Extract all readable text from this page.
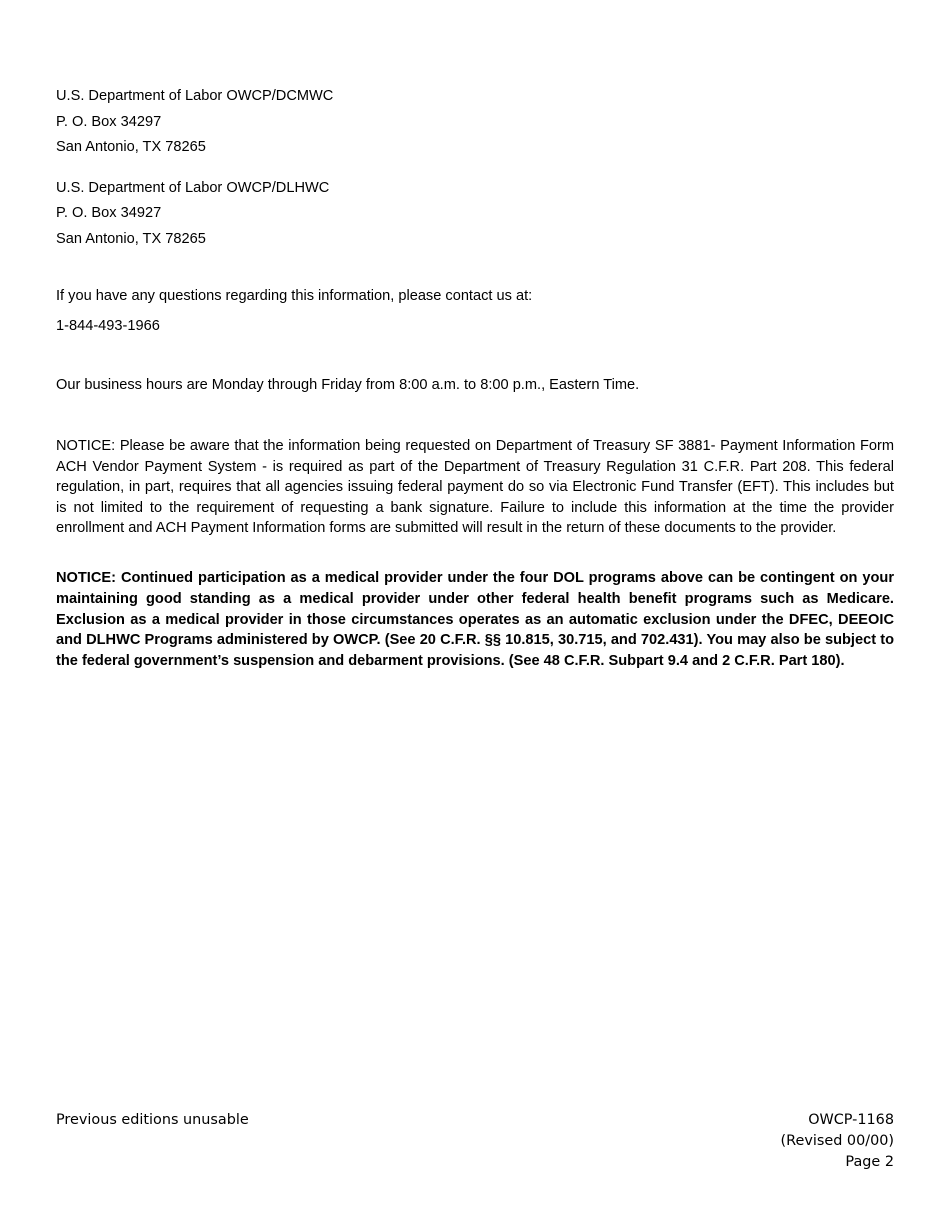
U.S. Department of Labor OWCP/DCMWC
P. O. Box 34297
San Antonio, TX 78265
U.S. Department of Labor OWCP/DLHWC
P. O. Box 34927
San Antonio, TX 78265
If you have any questions regarding this information, please contact us at:
1-844-493-1966
Our business hours are Monday through Friday from 8:00 a.m. to 8:00 p.m., Eastern Time.

NOTICE: Please be aware that the information being requested on Department of Treasury SF 3881- Payment Information Form ACH Vendor Payment System - is required as part of the Department of Treasury Regulation 31 C.F.R. Part 208. This federal regulation, in part, requires that all agencies issuing federal payment do so via Electronic Fund Transfer (EFT). This includes but is not limited to the requirement of requesting a bank signature. Failure to include this information at the time the provider enrollment and ACH Payment Information forms are submitted will result in the return of these documents to the provider.

NOTICE: Continued participation as a medical provider under the four DOL programs above can be contingent on your maintaining good standing as a medical provider under other federal health benefit programs such as Medicare. Exclusion as a medical provider in those circumstances operates as an automatic exclusion under the DFEC, DEEOIC and DLHWC Programs administered by OWCP. (See 20 C.F.R. §§ 10.815, 30.715, and 702.431). You may also be subject to the federal government’s suspension and debarment provisions. (See 48 C.F.R. Subpart 9.4 and 2 C.F.R. Part 180).

Previous editions unusable	OWCP-1168
(Revised 00/00)
Page 2
